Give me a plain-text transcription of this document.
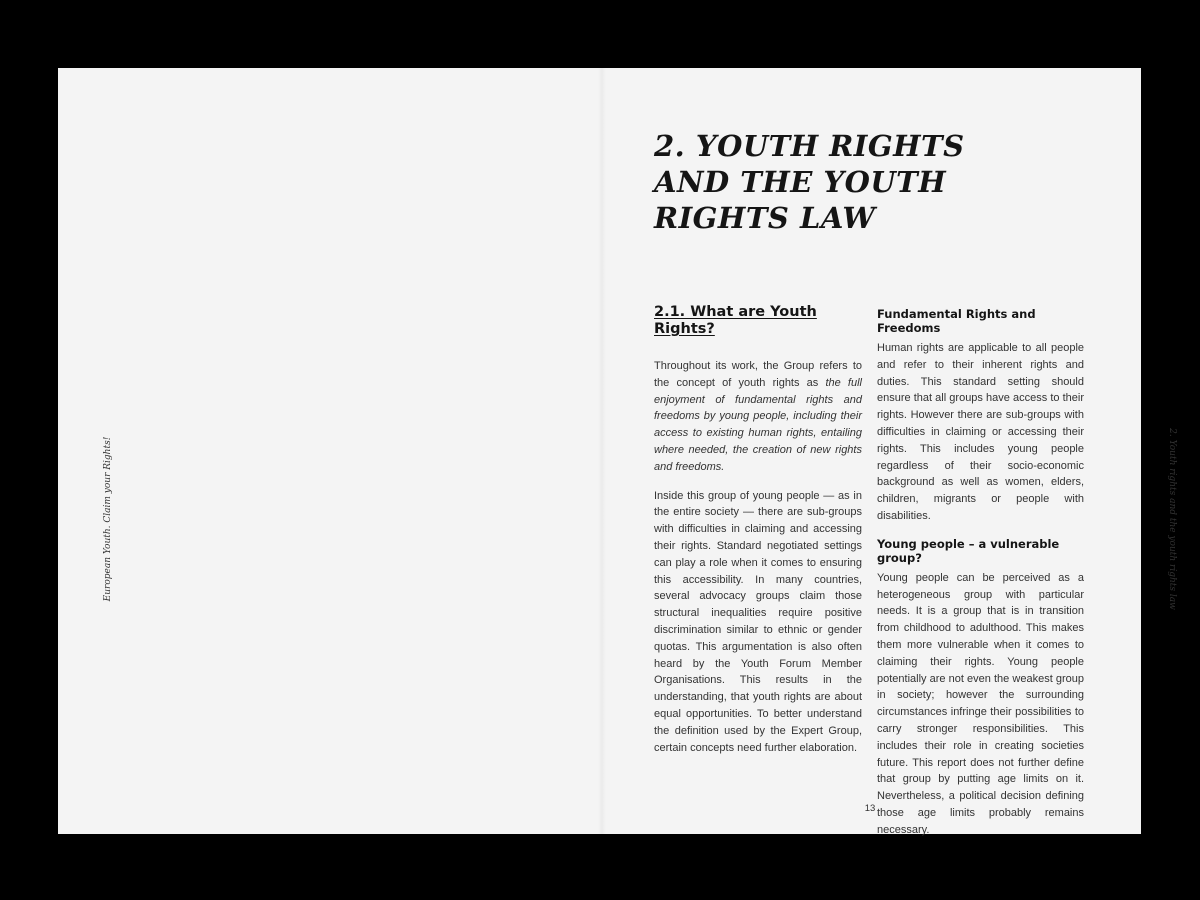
European Youth. Claim your Rights!	2. Youth rights and the youth rights law
2. YOUTH RIGHTS AND THE YOUTH RIGHTS LAW
2.1. What are Youth Rights?

Throughout its work, the Group refers to the concept of youth rights as the full enjoyment of fundamental rights and freedoms by young people, including their access to existing human rights, entailing where needed, the creation of new rights and freedoms.

Inside this group of young people — as in the entire society — there are sub-groups with difficulties in claiming and accessing their rights. Standard negotiated settings can play a role when it comes to ensuring this accessibility. In many countries, several advocacy groups claim those structural inequalities require positive discrimination similar to ethnic or gender quotas. This argumentation is also often heard by the Youth Forum Member Organisations. This results in the understanding, that youth rights are about equal opportunities. To better understand the definition used by the Expert Group, certain concepts need further elaboration.

Fundamental Rights and Freedoms

Human rights are applicable to all people and refer to their inherent rights and duties. This standard setting should ensure that all groups have access to their rights. However there are sub-groups with difficulties in claiming or accessing their rights. This includes young people regardless of their socio-economic background as well as women, elders, children, migrants or people with disabilities.

Young people – a vulnerable group?

Young people can be perceived as a heterogeneous group with particular needs. It is a group that is in transition from childhood to adulthood. This makes them more vulnerable when it comes to claiming their rights. Young people potentially are not even the weakest group in society; however the surrounding circumstances infringe their possibilities to carry stronger responsibilities. This includes their role in creating societies future. This report does not further define that group by putting age limits on it. Nevertheless, a political decision defining those age limits probably remains necessary.

13
